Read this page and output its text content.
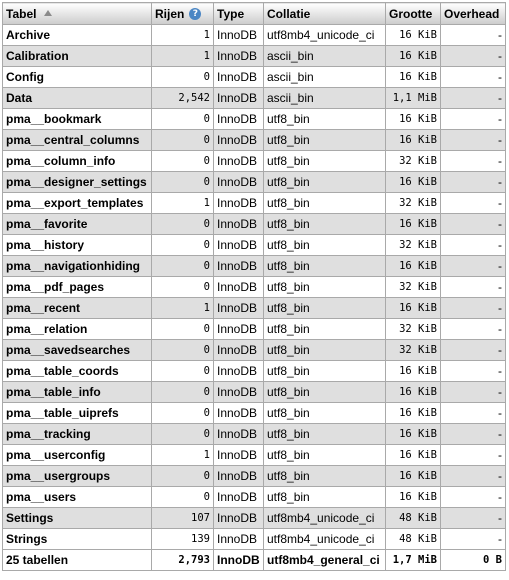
Tabel	Rijen ?	Type	Collatie	Grootte	Overhead
Archive	1	InnoDB	utf8mb4_unicode_ci	16 KiB	-
Calibration	1	InnoDB	ascii_bin	16 KiB	-
Config	0	InnoDB	ascii_bin	16 KiB	-
Data	2,542	InnoDB	ascii_bin	1,1 MiB	-
pma__bookmark	0	InnoDB	utf8_bin	16 KiB	-
pma__central_columns	0	InnoDB	utf8_bin	16 KiB	-
pma__column_info	0	InnoDB	utf8_bin	32 KiB	-
pma__designer_settings	0	InnoDB	utf8_bin	16 KiB	-
pma__export_templates	1	InnoDB	utf8_bin	32 KiB	-
pma__favorite	0	InnoDB	utf8_bin	16 KiB	-
pma__history	0	InnoDB	utf8_bin	32 KiB	-
pma__navigationhiding	0	InnoDB	utf8_bin	16 KiB	-
pma__pdf_pages	0	InnoDB	utf8_bin	32 KiB	-
pma__recent	1	InnoDB	utf8_bin	16 KiB	-
pma__relation	0	InnoDB	utf8_bin	32 KiB	-
pma__savedsearches	0	InnoDB	utf8_bin	32 KiB	-
pma__table_coords	0	InnoDB	utf8_bin	16 KiB	-
pma__table_info	0	InnoDB	utf8_bin	16 KiB	-
pma__table_uiprefs	0	InnoDB	utf8_bin	16 KiB	-
pma__tracking	0	InnoDB	utf8_bin	16 KiB	-
pma__userconfig	1	InnoDB	utf8_bin	16 KiB	-
pma__usergroups	0	InnoDB	utf8_bin	16 KiB	-
pma__users	0	InnoDB	utf8_bin	16 KiB	-
Settings	107	InnoDB	utf8mb4_unicode_ci	48 KiB	-
Strings	139	InnoDB	utf8mb4_unicode_ci	48 KiB	-
25 tabellen	2,793	InnoDB	utf8mb4_general_ci	1,7 MiB	0 B
